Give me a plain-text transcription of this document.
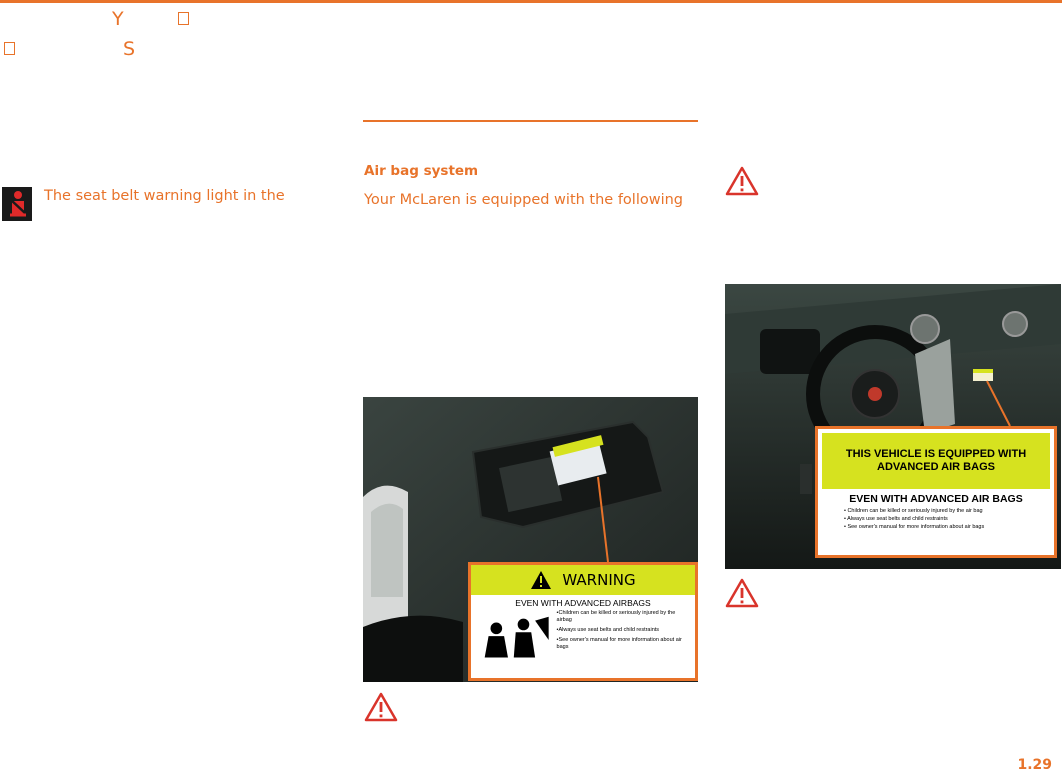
Y
S
The seat belt warning light in the
Air bag system
Your McLaren is equipped with the following
WARNING
EVEN WITH ADVANCED AIRBAGS
•Children can be killed or seriously injured by the airbag
•Always use seat belts and child restraints
•See owner's manual for more information about air bags
THIS VEHICLE IS EQUIPPED WITH
ADVANCED AIR BAGS
EVEN WITH ADVANCED AIR BAGS
• Children can be killed or seriously injured by the air bag
• Always use seat belts and child restraints
• See owner's manual for more information about air bags
1.29
